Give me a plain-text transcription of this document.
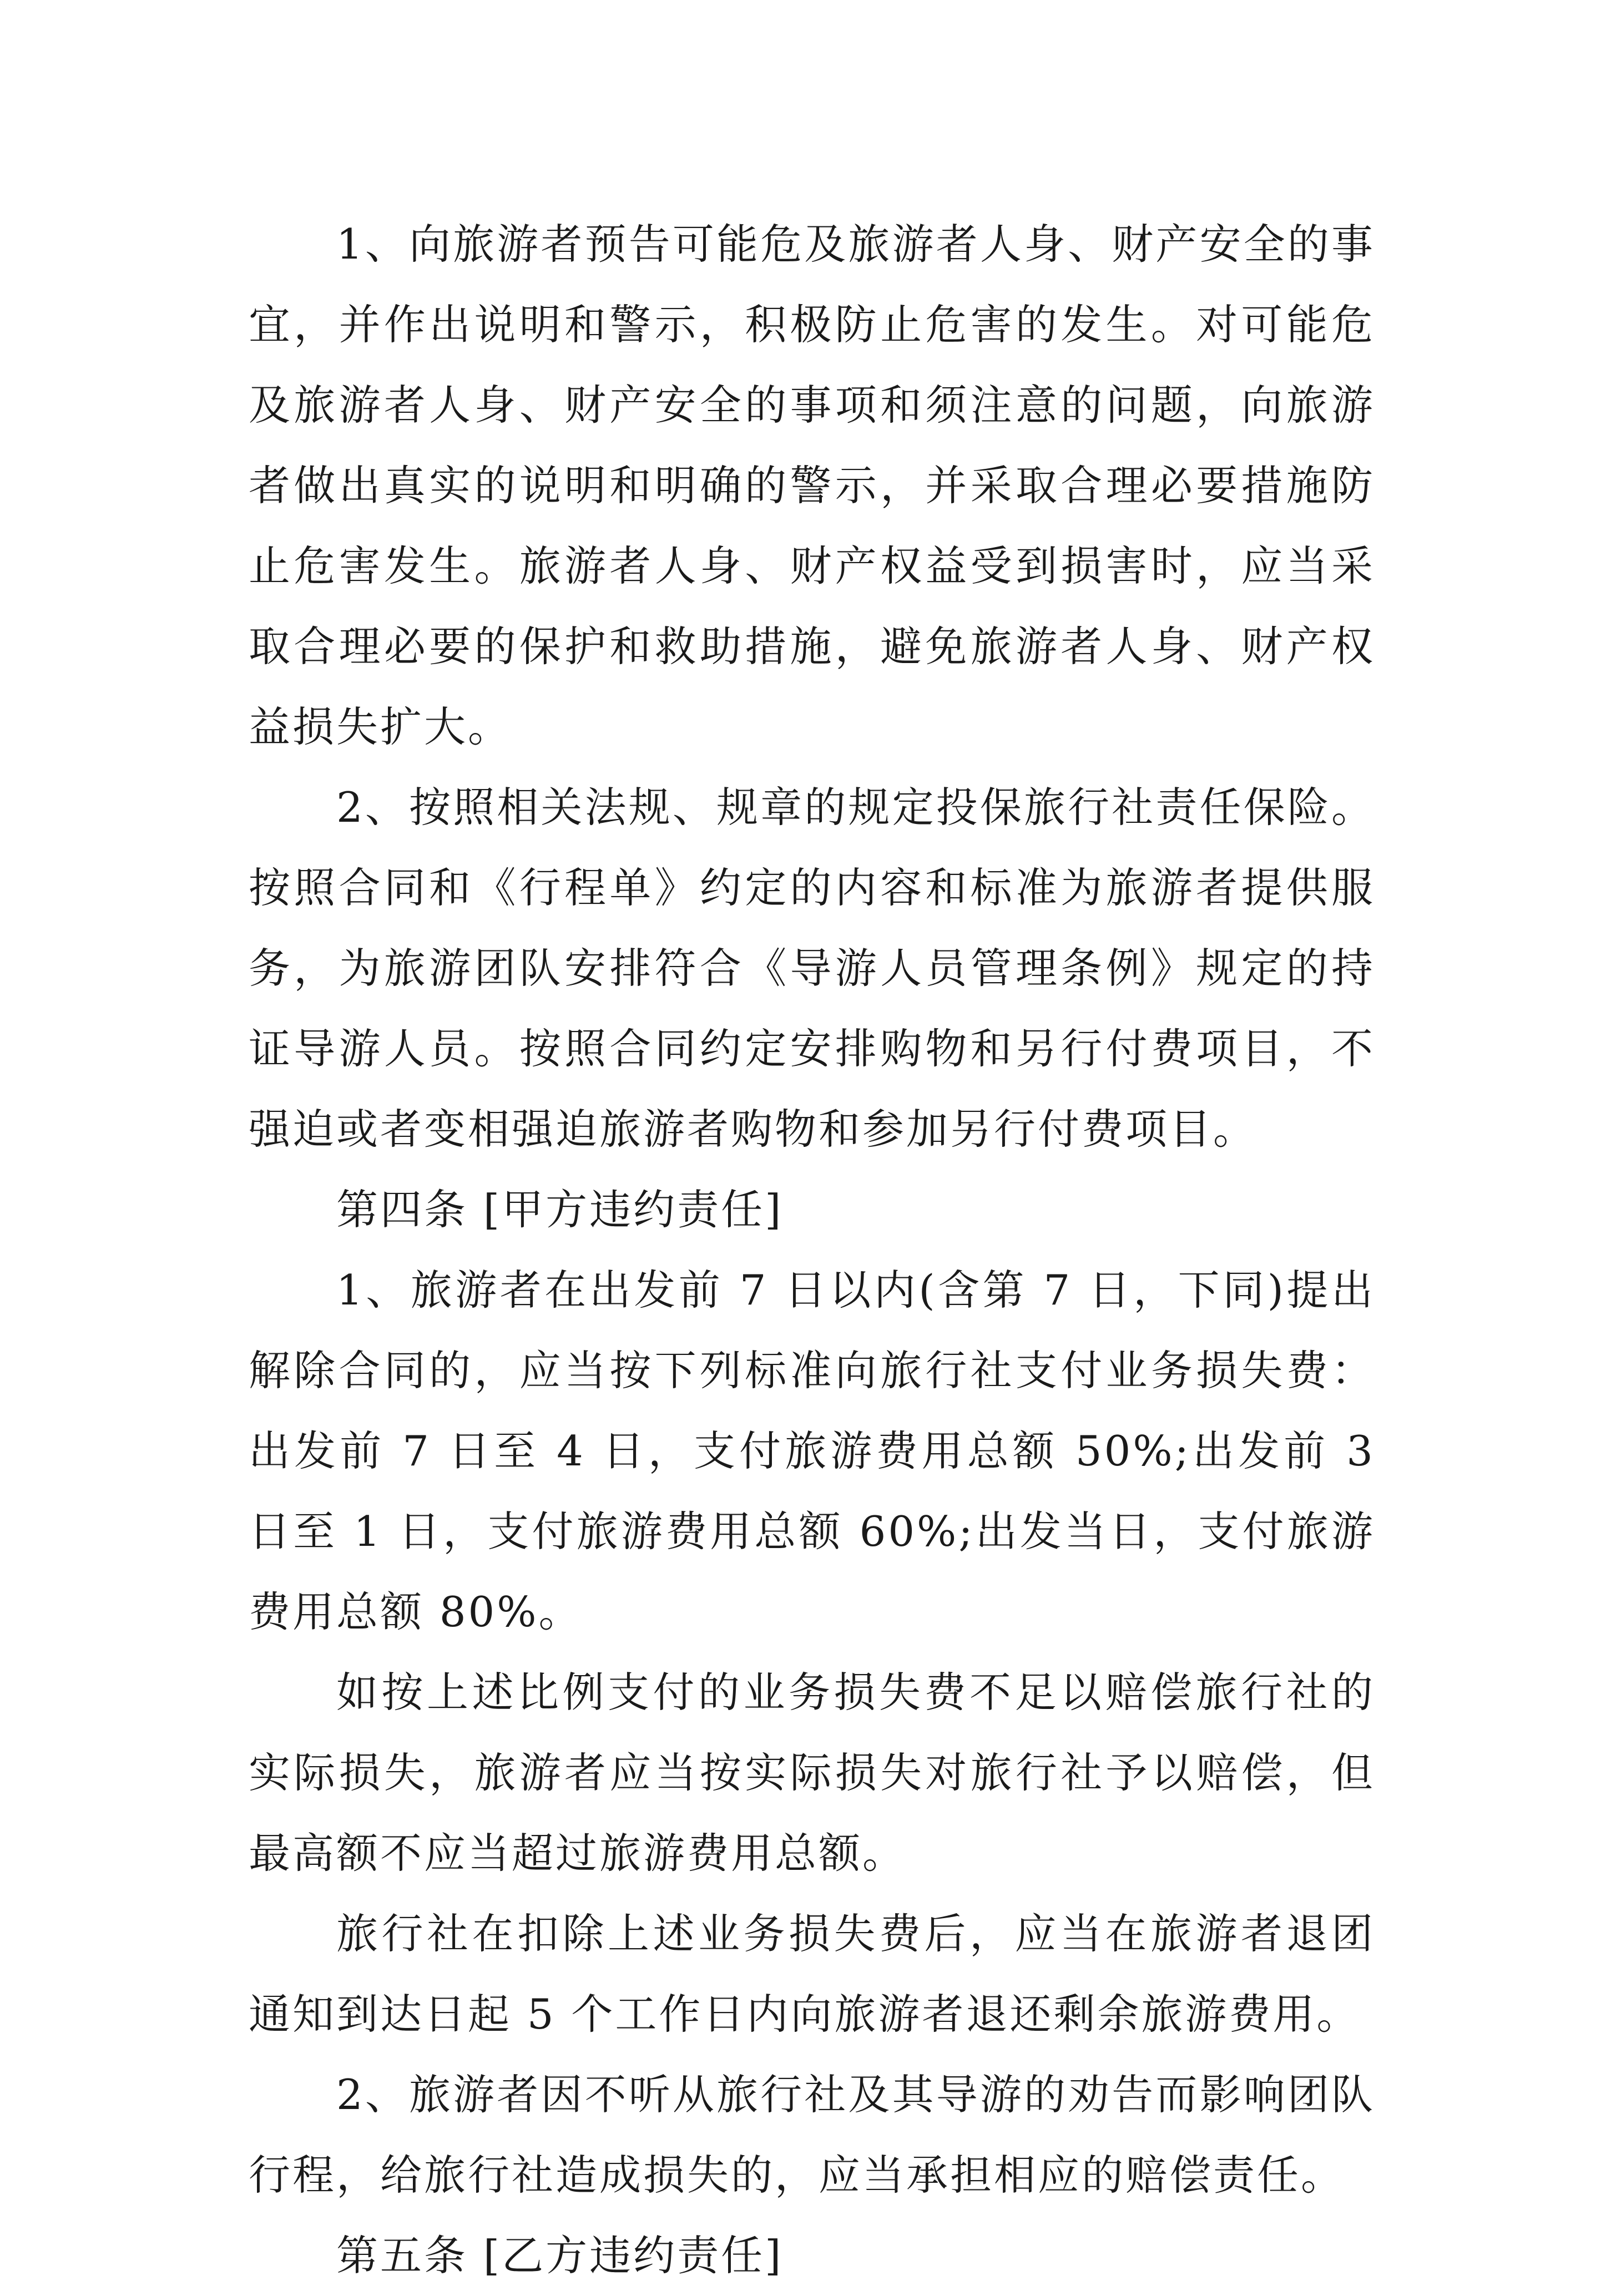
1、向旅游者预告可能危及旅游者人身、财产安全的事宜，并作出说明和警示，积极防止危害的发生。对可能危及旅游者人身、财产安全的事项和须注意的问题，向旅游者做出真实的说明和明确的警示，并采取合理必要措施防止危害发生。旅游者人身、财产权益受到损害时，应当采取合理必要的保护和救助措施，避免旅游者人身、财产权益损失扩大。

2、按照相关法规、规章的规定投保旅行社责任保险。按照合同和《行程单》约定的内容和标准为旅游者提供服务，为旅游团队安排符合《导游人员管理条例》规定的持证导游人员。按照合同约定安排购物和另行付费项目，不强迫或者变相强迫旅游者购物和参加另行付费项目。

第四条 [甲方违约责任]

1、旅游者在出发前 7 日以内(含第 7 日，下同)提出解除合同的，应当按下列标准向旅行社支付业务损失费：出发前 7 日至 4 日，支付旅游费用总额 50%;出发前 3 日至 1 日，支付旅游费用总额 60%;出发当日，支付旅游费用总额 80%。

如按上述比例支付的业务损失费不足以赔偿旅行社的实际损失，旅游者应当按实际损失对旅行社予以赔偿，但最高额不应当超过旅游费用总额。

旅行社在扣除上述业务损失费后，应当在旅游者退团通知到达日起 5 个工作日内向旅游者退还剩余旅游费用。

2、旅游者因不听从旅行社及其导游的劝告而影响团队行程，给旅行社造成损失的，应当承担相应的赔偿责任。

第五条 [乙方违约责任]
